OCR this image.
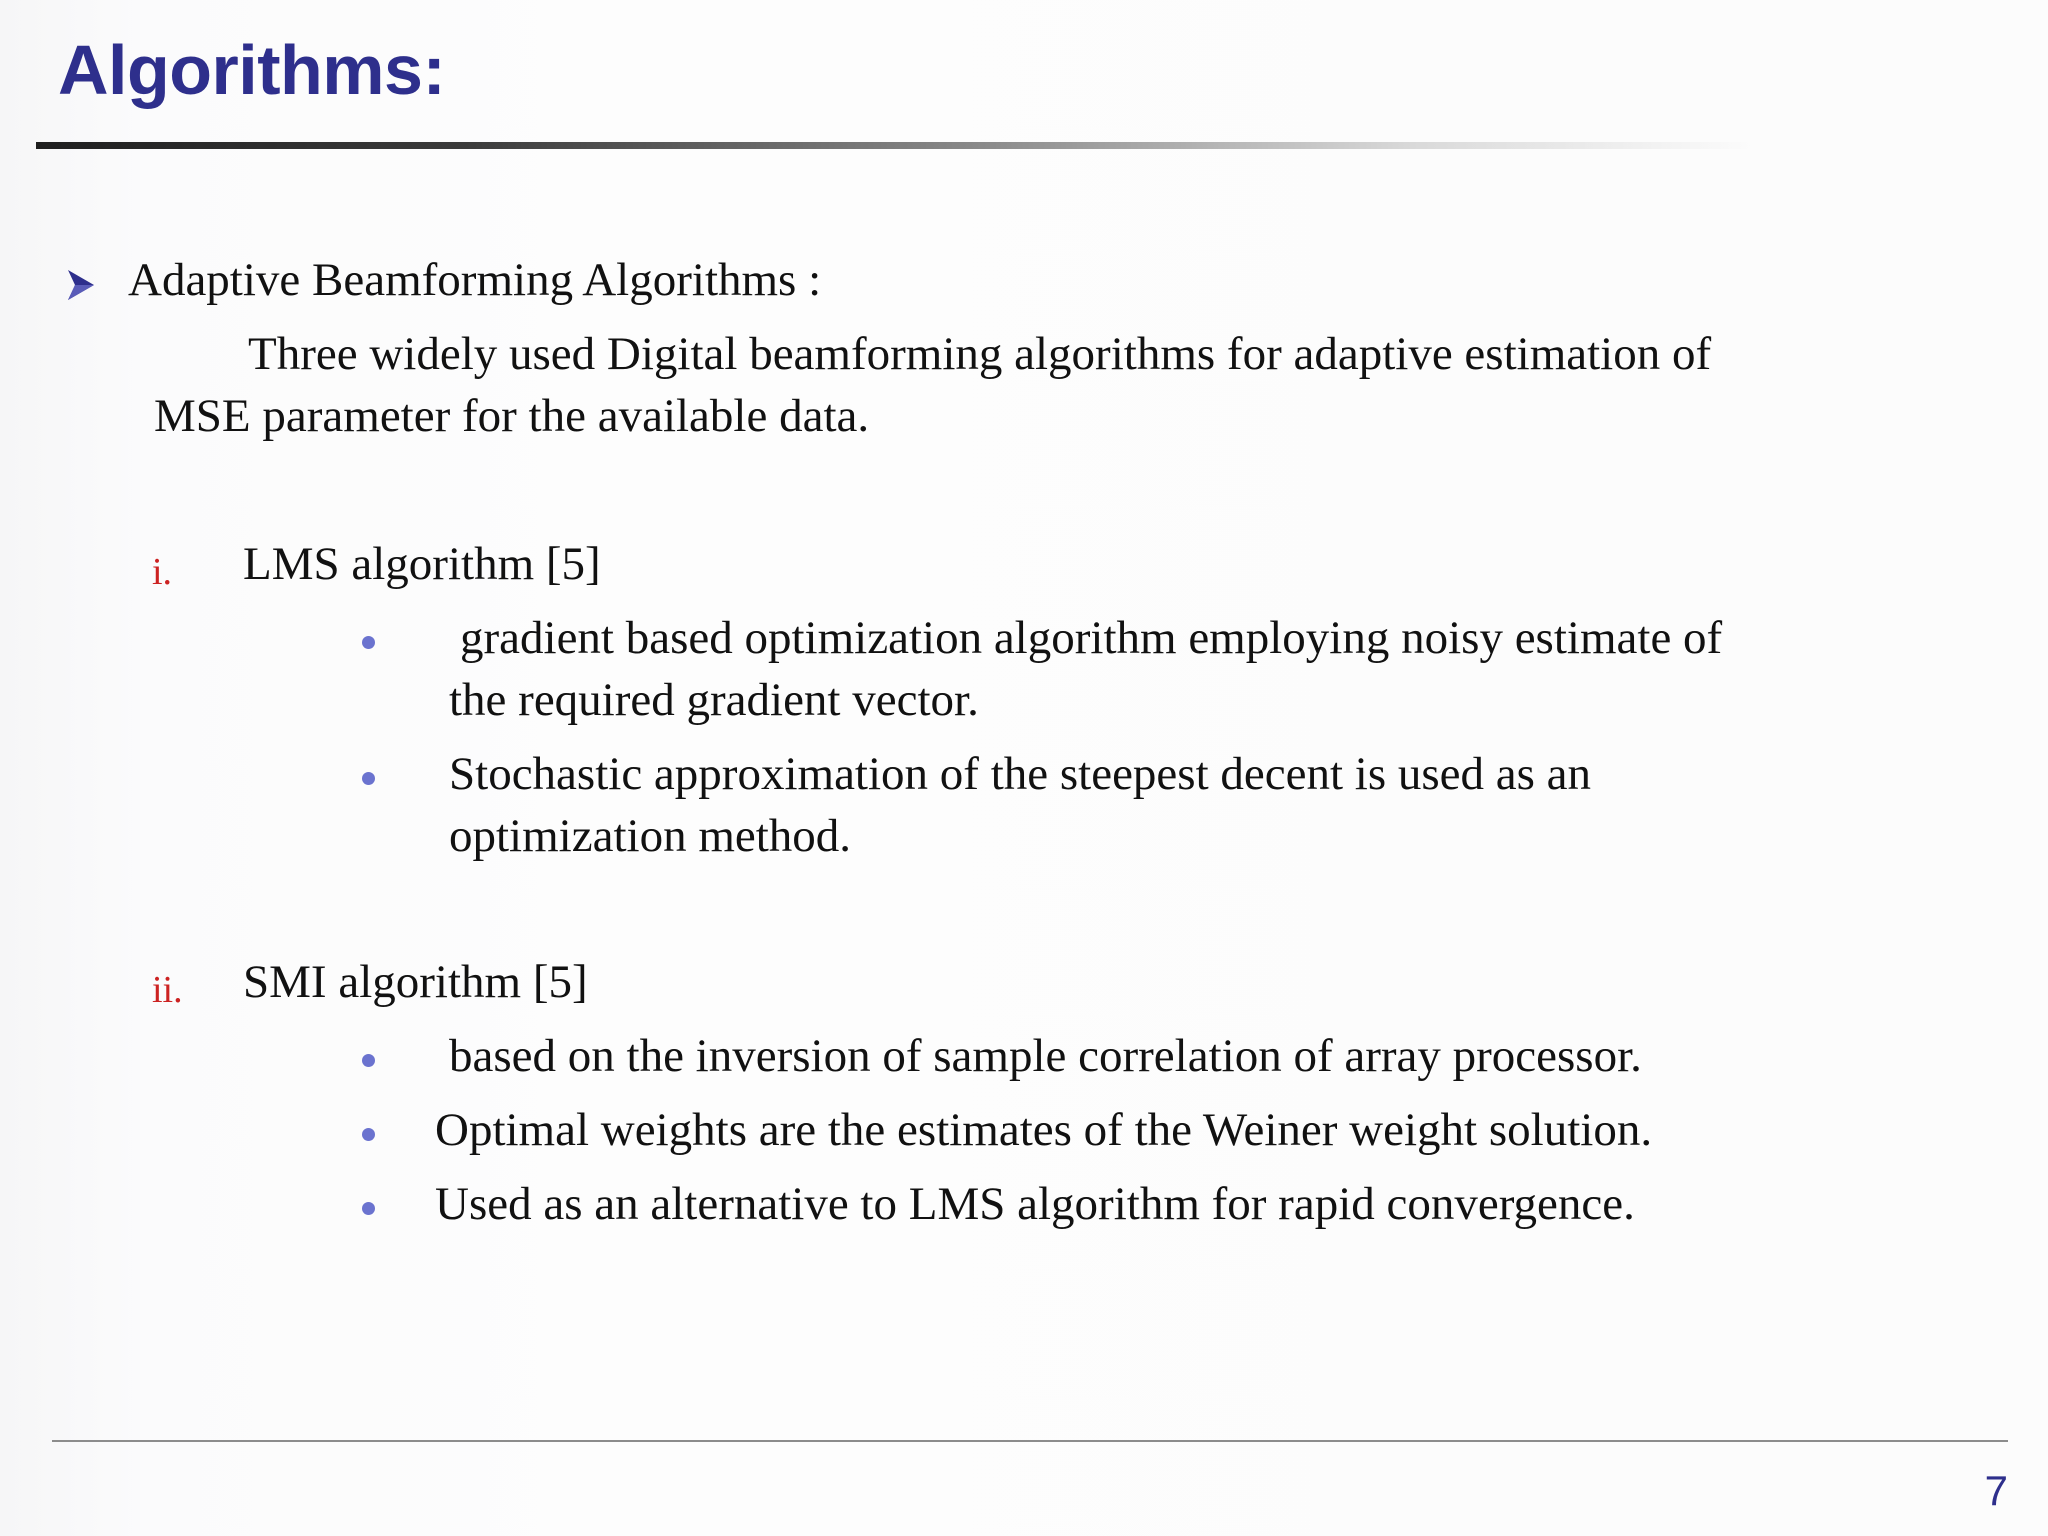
Algorithms:
Adaptive Beamforming Algorithms :
Three widely used Digital beamforming algorithms for adaptive estimation of
MSE parameter for the available data.
i. LMS algorithm [5]
gradient based optimization algorithm employing noisy estimate of
the required gradient vector.
Stochastic approximation of the steepest decent is used as an
optimization method.
ii. SMI algorithm [5]
based on the inversion of sample correlation of array processor.
Optimal weights are the estimates of the Weiner weight solution.
Used as an alternative to LMS algorithm for rapid convergence.
7
